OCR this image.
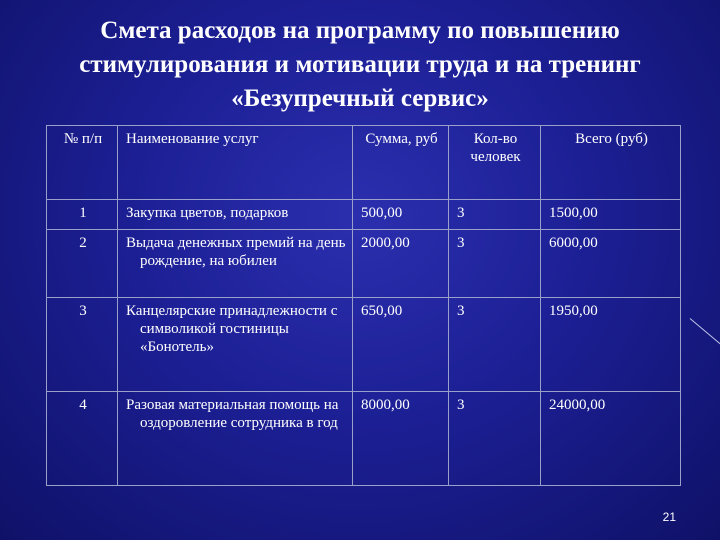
Смета расходов на программу по повышению
стимулирования и мотивации труда и на тренинг
«Безупречный сервис»
№ п/п	Наименование услуг	Сумма, руб	Кол-во человек	Всего (руб)
1	Закупка цветов, подарков	500,00	3	1500,00
2	Выдача денежных премий на день рождение, на юбилеи	2000,00	3	6000,00
3	Канцелярские принадлежности с символикой гостиницы «Бонотель»	650,00	3	1950,00
4	Разовая материальная помощь на оздоровление сотрудника в год	8000,00	3	24000,00
21
